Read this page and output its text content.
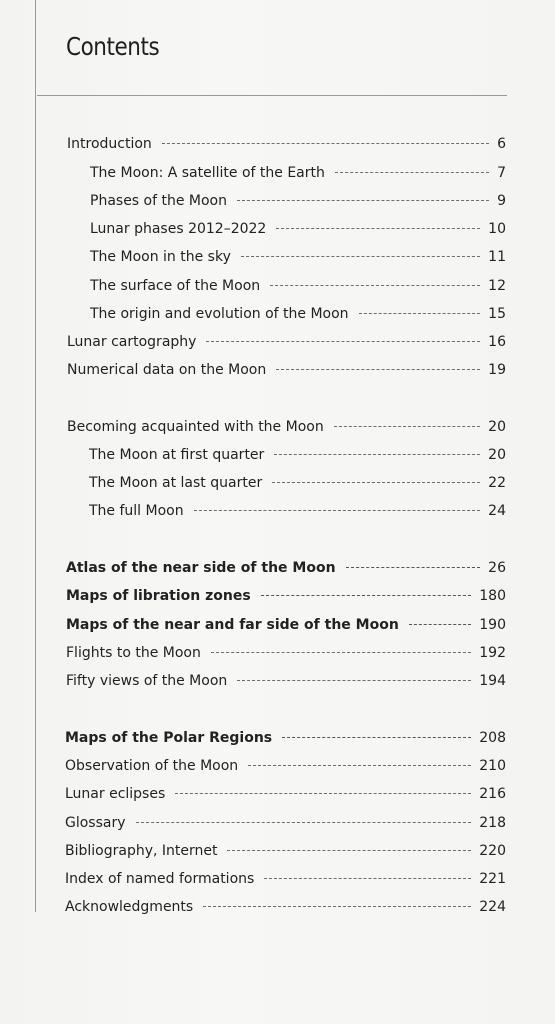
Contents
Introduction	6
The Moon: A satellite of the Earth	7
Phases of the Moon	9
Lunar phases 2012–2022	10
The Moon in the sky	11
The surface of the Moon	12
The origin and evolution of the Moon	15
Lunar cartography	16
Numerical data on the Moon	19
Becoming acquainted with the Moon	20
The Moon at first quarter	20
The Moon at last quarter	22
The full Moon	24
Atlas of the near side of the Moon	26
Maps of libration zones	180
Maps of the near and far side of the Moon	190
Flights to the Moon	192
Fifty views of the Moon	194
Maps of the Polar Regions	208
Observation of the Moon	210
Lunar eclipses	216
Glossary	218
Bibliography, Internet	220
Index of named formations	221
Acknowledgments	224
